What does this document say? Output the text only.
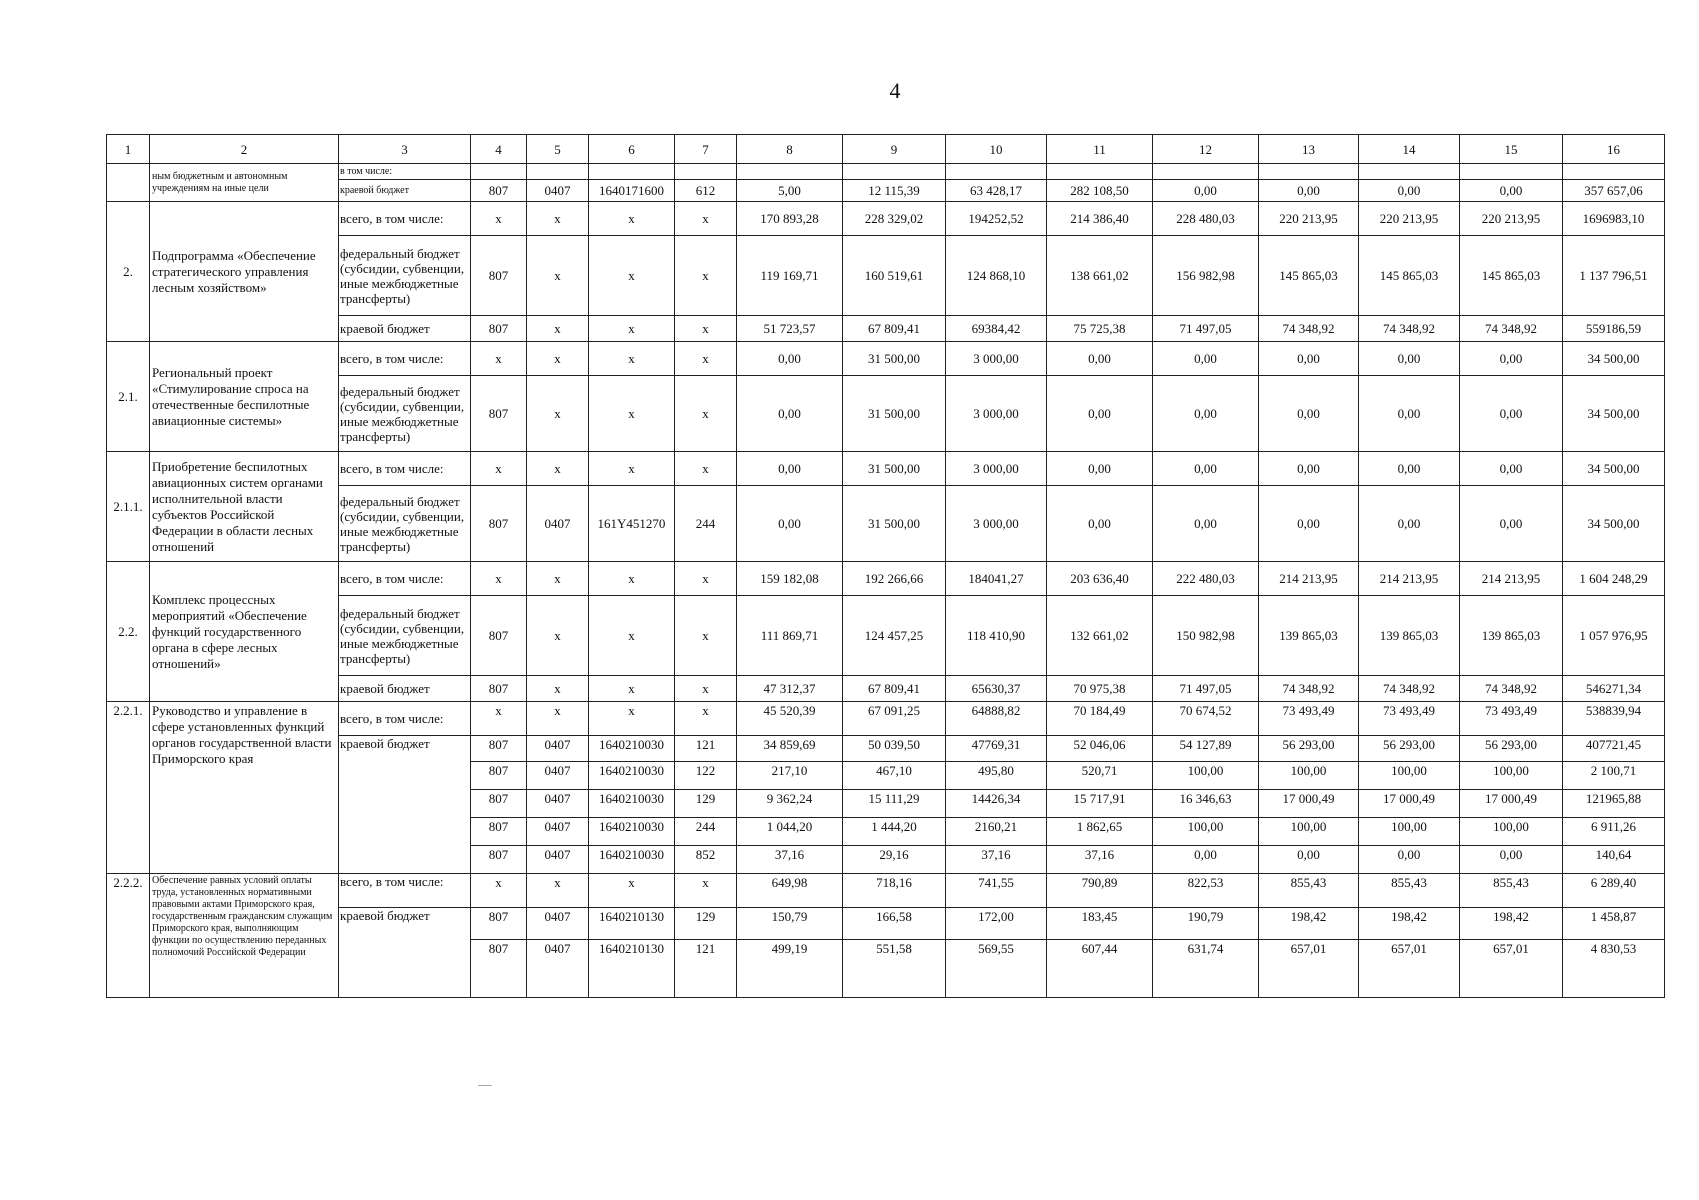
4
1	2	3	4	5	6	7	8	9	10	11	12	13	14	15	16
	ным бюджетным и автономным учреждениям на иные цели	в том числе:													
		краевой бюджет	807	0407	1640171600	612	5,00	12 115,39	63 428,17	282 108,50	0,00	0,00	0,00	0,00	357 657,06
2.	Подпрограмма «Обеспечение стратегического управления лесным хозяйством»	всего, в том числе:	x	x	x	x	170 893,28	228 329,02	194252,52	214 386,40	228 480,03	220 213,95	220 213,95	220 213,95	1696983,10
		федеральный бюджет (субсидии, субвенции, иные межбюджетные трансферты)	807	x	x	x	119 169,71	160 519,61	124 868,10	138 661,02	156 982,98	145 865,03	145 865,03	145 865,03	1 137 796,51
		краевой бюджет	807	x	x	x	51 723,57	67 809,41	69384,42	75 725,38	71 497,05	74 348,92	74 348,92	74 348,92	559186,59
2.1.	Региональный проект «Стимулирование спроса на отечественные беспилотные авиационные системы»	всего, в том числе:	x	x	x	x	0,00	31 500,00	3 000,00	0,00	0,00	0,00	0,00	0,00	34 500,00
		федеральный бюджет (субсидии, субвенции, иные межбюджетные трансферты)	807	x	x	x	0,00	31 500,00	3 000,00	0,00	0,00	0,00	0,00	0,00	34 500,00
2.1.1.	Приобретение беспилотных авиационных систем органами исполнительной власти субъектов Российской Федерации в области лесных отношений	всего, в том числе:	x	x	x	x	0,00	31 500,00	3 000,00	0,00	0,00	0,00	0,00	0,00	34 500,00
		федеральный бюджет (субсидии, субвенции, иные межбюджетные трансферты)	807	0407	161Y451270	244	0,00	31 500,00	3 000,00	0,00	0,00	0,00	0,00	0,00	34 500,00
2.2.	Комплекс процессных мероприятий «Обеспечение функций государственного органа в сфере лесных отношений»	всего, в том числе:	x	x	x	x	159 182,08	192 266,66	184041,27	203 636,40	222 480,03	214 213,95	214 213,95	214 213,95	1 604 248,29
		федеральный бюджет (субсидии, субвенции, иные межбюджетные трансферты)	807	x	x	x	111 869,71	124 457,25	118 410,90	132 661,02	150 982,98	139 865,03	139 865,03	139 865,03	1 057 976,95
		краевой бюджет	807	x	x	x	47 312,37	67 809,41	65630,37	70 975,38	71 497,05	74 348,92	74 348,92	74 348,92	546271,34
2.2.1.	Руководство и управление в сфере установленных функций органов государственной власти Приморского края	всего, в том числе:	x	x	x	x	45 520,39	67 091,25	64888,82	70 184,49	70 674,52	73 493,49	73 493,49	73 493,49	538839,94
		краевой бюджет	807	0407	1640210030	121	34 859,69	50 039,50	47769,31	52 046,06	54 127,89	56 293,00	56 293,00	56 293,00	407721,45
			807	0407	1640210030	122	217,10	467,10	495,80	520,71	100,00	100,00	100,00	100,00	2 100,71
			807	0407	1640210030	129	9 362,24	15 111,29	14426,34	15 717,91	16 346,63	17 000,49	17 000,49	17 000,49	121965,88
			807	0407	1640210030	244	1 044,20	1 444,20	2160,21	1 862,65	100,00	100,00	100,00	100,00	6 911,26
			807	0407	1640210030	852	37,16	29,16	37,16	37,16	0,00	0,00	0,00	0,00	140,64
2.2.2.	Обеспечение равных условий оплаты труда, установленных нормативными правовыми актами Приморского края, государственным гражданским служащим Приморского края, выполняющим функции по осуществлению переданных полномочий Российской Федерации	всего, в том числе:	x	x	x	x	649,98	718,16	741,55	790,89	822,53	855,43	855,43	855,43	6 289,40
		краевой бюджет	807	0407	1640210130	129	150,79	166,58	172,00	183,45	190,79	198,42	198,42	198,42	1 458,87
			807	0407	1640210130	121	499,19	551,58	569,55	607,44	631,74	657,01	657,01	657,01	4 830,53
